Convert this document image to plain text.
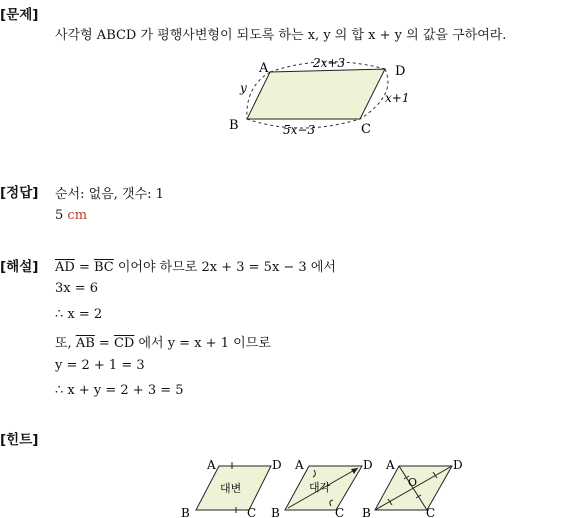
[문제]
사각형 ABCD 가 평행사변형이 되도록 하는 x, y 의 합 x + y 의 값을 구하여라.
A
B	C
D
2x+3
y
x+1
5x−3
[정답] 순서: 없음, 갯수: 1
5 cm
[해설] $\overline{AD} = \overline{BC}$ 이어야 하므로 2x + 3 = 5x − 3 에서
3x = 6
∴ x = 2
또, $\overline{AB} = \overline{CD}$ 에서 y = x + 1 이므로
y = 2 + 1 = 3
∴ x + y = 2 + 3 = 5
[힌트]
A	D
B	C
대변
A	D
B	C
대각
A	D
B	C
O
